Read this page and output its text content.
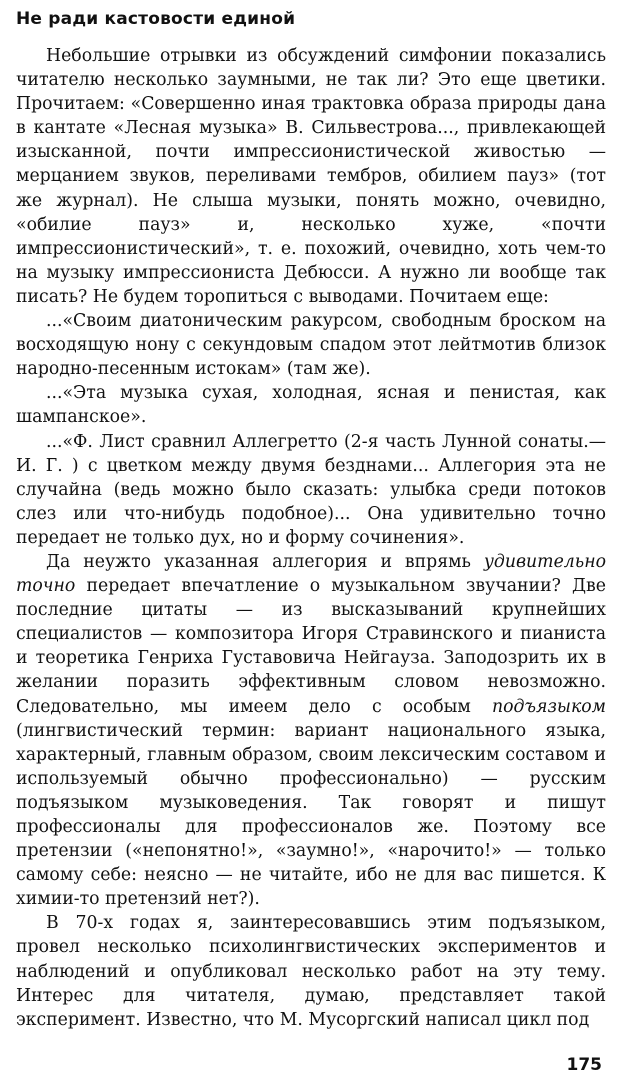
Не ради кастовости единой

Небольшие отрывки из обсуждений симфонии показались читателю несколько заумными, не так ли? Это еще цветики. Прочитаем: «Совершенно иная трактовка образа природы дана в кантате «Лесная музыка» В. Сильвестрова..., привлекающей изысканной, почти импрессионистической живостью — мерцанием звуков, переливами тембров, обилием пауз» (тот же журнал). Не слыша музыки, понять можно, очевидно, «обилие пауз» и, несколько хуже, «почти импрессионистический», т. е. похожий, очевидно, хоть чем-то на музыку импрессиониста Дебюсси. А нужно ли вообще так писать? Не будем торопиться с выводами. Почитаем еще:

...«Своим диатоническим ракурсом, свободным броском на восходящую нону с секундовым спадом этот лейтмотив близок народно-песенным истокам» (там же).

...«Эта музыка сухая, холодная, ясная и пенистая, как шампанское».

...«Ф. Лист сравнил Аллегретто (2-я часть Лунной сонаты.— И. Г. ) с цветком между двумя безднами... Аллегория эта не случайна (ведь можно было сказать: улыбка среди потоков слез или что-нибудь подобное)... Она удивительно точно передает не только дух, но и форму сочинения».

Да неужто указанная аллегория и впрямь удивительно точно передает впечатление о музыкальном звучании? Две последние цитаты — из высказываний крупнейших специалистов — композитора Игоря Стравинского и пианиста и теоретика Генриха Густавовича Нейгауза. Заподозрить их в желании поразить эффективным словом невозможно. Следовательно, мы имеем дело с особым подъязыком (лингвистический термин: вариант национального языка, характерный, главным образом, своим лексическим составом и используемый обычно профессионально) — русским подъязыком музыковедения. Так говорят и пишут профессионалы для профессионалов же. Поэтому все претензии («непонятно!», «заумно!», «нарочито!» — только самому себе: неясно — не читайте, ибо не для вас пишется. К химии-то претензий нет?).

В 70-х годах я, заинтересовавшись этим подъязыком, провел несколько психолингвистических экспериментов и наблюдений и опубликовал несколько работ на эту тему. Интерес для читателя, думаю, представляет такой эксперимент. Известно, что М. Мусоргский написал цикл под

175
